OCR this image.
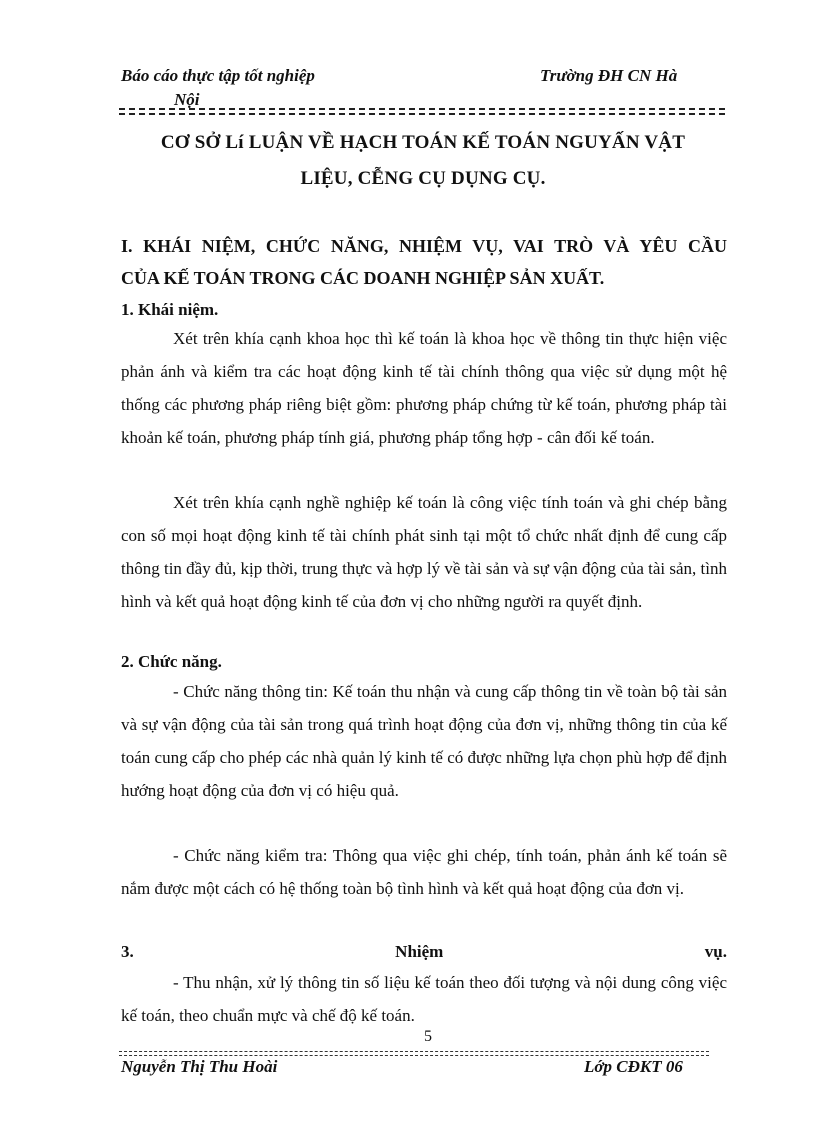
Báo cáo thực tập tốt nghiệp
Nội
Trường ĐH CN Hà
CƠ SỞ Lí LUẬN VỀ HẠCH TOÁN KẾ TOÁN NGUYẤN VẬT
LIỆU, CỄNG CỤ DỤNG CỤ.
I. KHÁI NIỆM, CHỨC NĂNG, NHIỆM VỤ, VAI TRÒ VÀ YÊU CẦU
CỦA KẾ TOÁN TRONG CÁC DOANH NGHIỆP SẢN XUẤT.
1. Khái niệm.
Xét trên khía cạnh khoa học thì kế toán là khoa học về thông tin thực hiện việc phản ánh và kiểm tra các hoạt động kinh tế tài chính thông qua việc sử dụng một hệ thống các phương pháp riêng biệt gồm: phương pháp chứng từ kế toán, phương pháp tài khoản kế toán, phương pháp tính giá, phương pháp tổng hợp - cân đối kế toán.
Xét trên khía cạnh nghề nghiệp kế toán là công việc tính toán và ghi chép bằng con số mọi hoạt động kinh tế tài chính phát sinh tại một tổ chức nhất định để cung cấp thông tin đầy đủ, kịp thời, trung thực và hợp lý về tài sản và sự vận động của tài sản, tình hình và kết quả hoạt động kinh tế của đơn vị cho những người ra quyết định.
2. Chức năng.
- Chức năng thông tin: Kế toán thu nhận và cung cấp thông tin về toàn bộ tài sản và sự vận động của tài sản trong quá trình hoạt động của đơn vị, những thông tin của kế toán cung cấp cho phép các nhà quản lý kinh tế có được những lựa chọn phù hợp để định hướng hoạt động của đơn vị có hiệu quả.
- Chức năng kiểm tra: Thông qua việc ghi chép, tính toán, phản ánh kế toán sẽ nắm được một cách có hệ thống toàn bộ tình hình và kết quả hoạt động của đơn vị.
3.	Nhiệm	vụ.
- Thu nhận, xử lý thông tin số liệu kế toán theo đối tượng và nội dung công việc kế toán, theo chuẩn mực và chế độ kế toán.
5
Nguyễn Thị Thu Hoài	Lớp CĐKT 06
